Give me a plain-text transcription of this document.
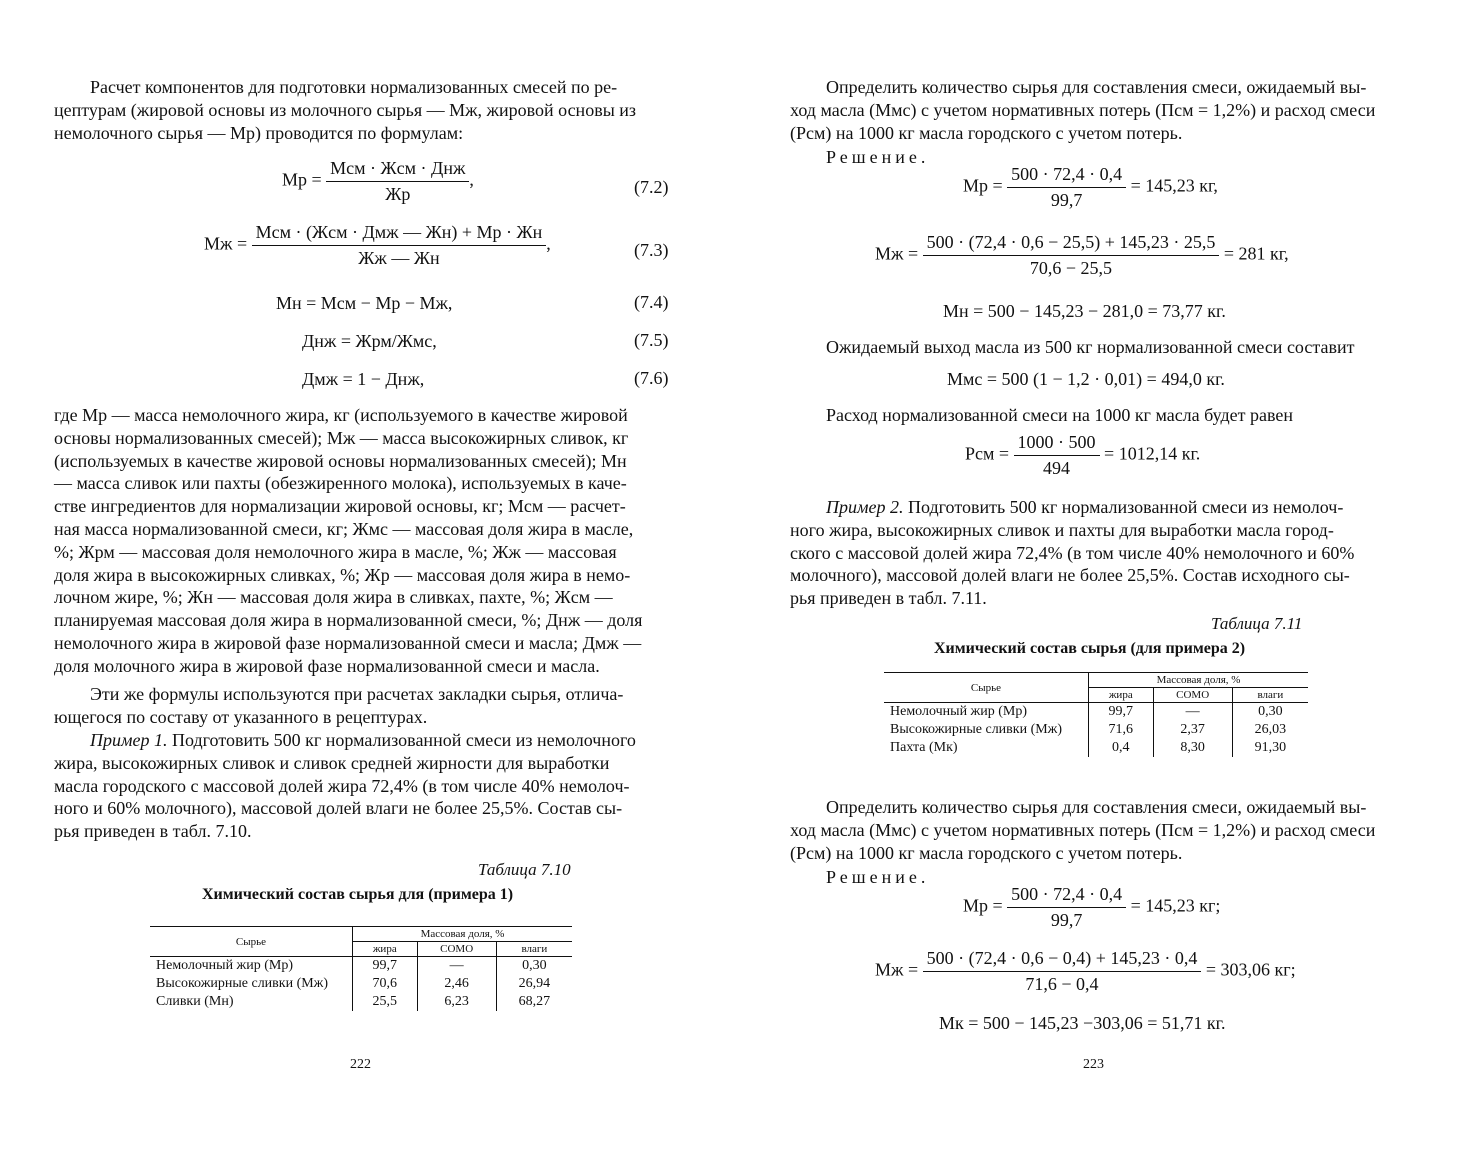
Расчет компонентов для подготовки нормализованных смесей по ре-
цептурам (жировой основы из молочного сырья — Мж, жировой основы из
немолочного сырья — Мр) проводится по формулам:
Мр = $\frac{\text{Мсм · Жсм · Днж}}{Жр}$ ,	(7.2)
Мж = $\frac{\text{Мсм · (Жсм · Дмж — Жн) + Мр · Жн}}{Жж — Жн}$ ,	(7.3)
Мн = Мсм − Мр − Мж,	(7.4)
Днж = Жрм/Жмс,	(7.5)
Дмж = 1 − Днж,	(7.6)
где Мр — масса немолочного жира, кг (используемого в качестве жировой
основы нормализованных смесей); Мж — масса высокожирных сливок, кг
(используемых в качестве жировой основы нормализованных смесей); Мн
— масса сливок или пахты (обезжиренного молока), используемых в каче-
стве ингредиентов для нормализации жировой основы, кг; Мсм — расчет-
ная масса нормализованной смеси, кг; Жмс — массовая доля жира в масле,
%; Жрм — массовая доля немолочного жира в масле, %; Жж — массовая
доля жира в высокожирных сливках, %; Жр — массовая доля жира в немо-
лочном жире, %; Жн — массовая доля жира в сливках, пахте, %; Жсм —
планируемая массовая доля жира в нормализованной смеси, %; Днж — доля
немолочного жира в жировой фазе нормализованной смеси и масла; Дмж —
доля молочного жира в жировой фазе нормализованной смеси и масла.
Эти же формулы используются при расчетах закладки сырья, отлича-
ющегося по составу от указанного в рецептурах.
Пример 1. Подготовить 500 кг нормализованной смеси из немолочного
жира, высокожирных сливок и сливок средней жирности для выработки
масла городского с массовой долей жира 72,4% (в том числе 40% немолоч-
ного и 60% молочного), массовой долей влаги не более 25,5%. Состав сы-
рья приведен в табл. 7.10.
Таблица 7.10
Химический состав сырья для (примера 1)
Сырье	Массовая доля, %		
	жира	СОМО	влаги
Немолочный жир (Мр)	99,7	—	0,30
Высокожирные сливки (Мж)	70,6	2,46	26,94
Сливки (Мн)	25,5	6,23	68,27
222
Определить количество сырья для составления смеси, ожидаемый вы-
ход масла (Ммс) с учетом нормативных потерь (Псм = 1,2%) и расход смеси
(Рсм) на 1000 кг масла городского с учетом потерь.
Решение.
Мр = $\frac{500 \cdot 72,4 \cdot 0,4}{99,7} = 145,23$ кг,
Мж = $\frac{500 \cdot (72,4 \cdot 0,6 - 25,5) + 145,23 \cdot 25,5}{70,6 - 25,5} = 281$ кг,
Мн = 500 − 145,23 − 281,0 = 73,77 кг.
Ожидаемый выход масла из 500 кг нормализованной смеси составит
Ммс = 500 (1 − 1,2 · 0,01) = 494,0 кг.
Расход нормализованной смеси на 1000 кг масла будет равен
Рсм = $\frac{1000 \cdot 500}{494} = 1012,14$ кг.
Пример 2. Подготовить 500 кг нормализованной смеси из немолоч-
ного жира, высокожирных сливок и пахты для выработки масла город-
ского с массовой долей жира 72,4% (в том числе 40% немолочного и 60%
молочного), массовой долей влаги не более 25,5%. Состав исходного сы-
рья приведен в табл. 7.11.
Таблица 7.11
Химический состав сырья (для примера 2)
Сырье	Массовая доля, %		
	жира	СОМО	влаги
Немолочный жир (Мр)	99,7	—	0,30
Высокожирные сливки (Мж)	71,6	2,37	26,03
Пахта (Мк)	0,4	8,30	91,30
Определить количество сырья для составления смеси, ожидаемый вы-
ход масла (Ммс) с учетом нормативных потерь (Псм = 1,2%) и расход смеси
(Рсм) на 1000 кг масла городского с учетом потерь.
Решение.
Мр = $\frac{500 \cdot 72,4 \cdot 0,4}{99,7} = 145,23$ кг;
Мж = $\frac{500 \cdot (72,4 \cdot 0,6 - 0,4) + 145,23 \cdot 0,4}{71,6 - 0,4} = 303,06$ кг;
Мк = 500 − 145,23 −303,06 = 51,71 кг.
223
